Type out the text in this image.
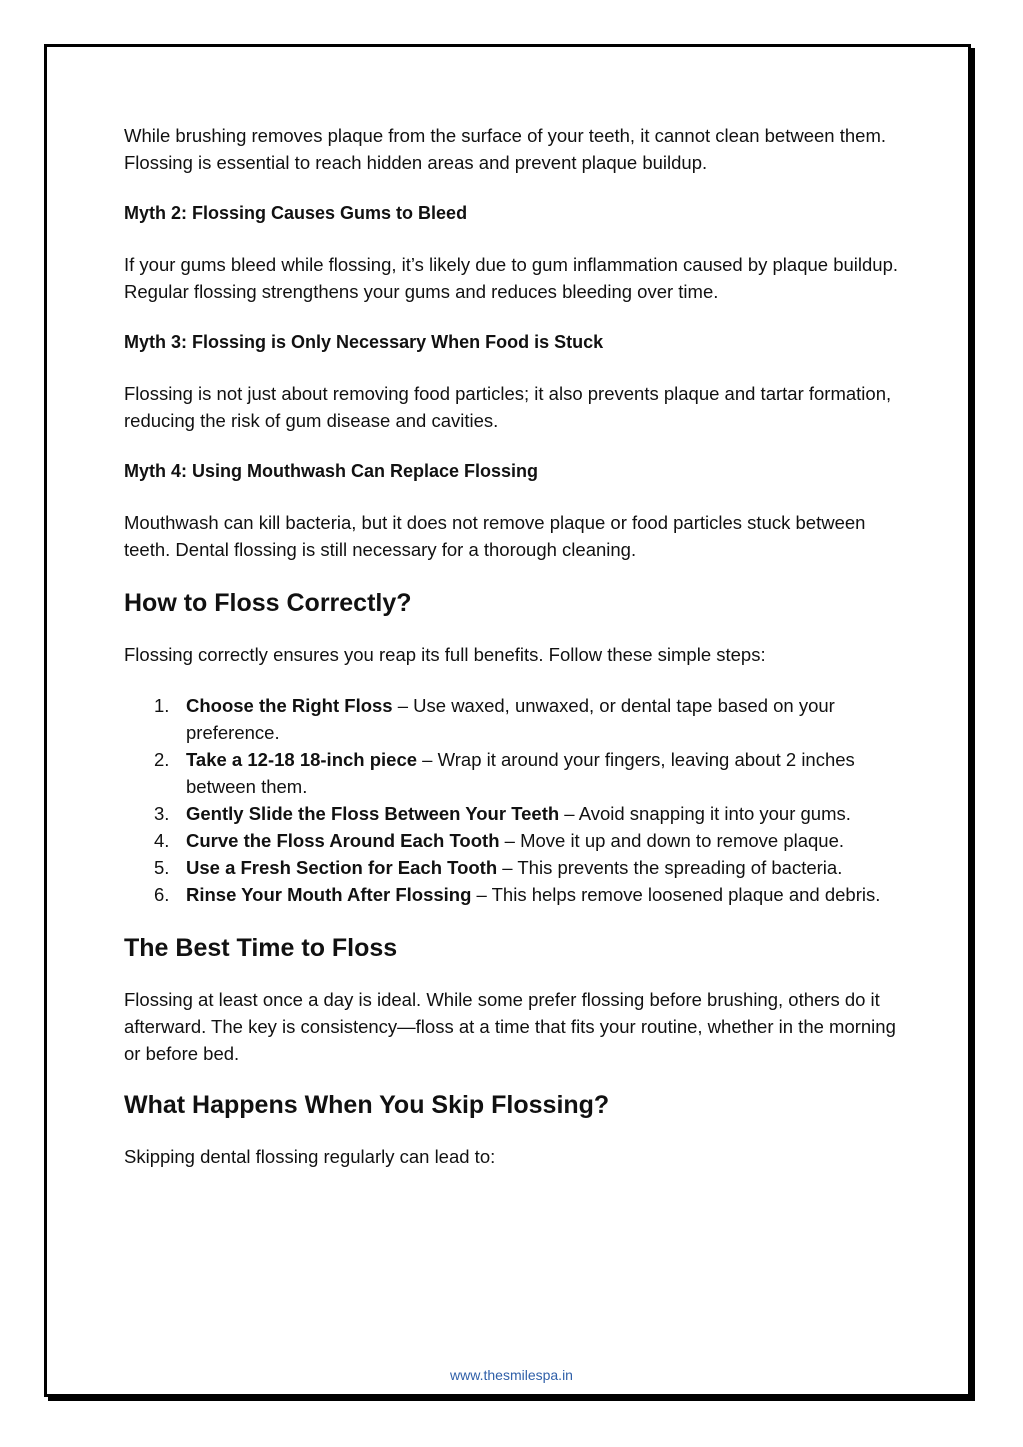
While brushing removes plaque from the surface of your teeth, it cannot clean between them. Flossing is essential to reach hidden areas and prevent plaque buildup.

Myth 2: Flossing Causes Gums to Bleed

If your gums bleed while flossing, it’s likely due to gum inflammation caused by plaque buildup. Regular flossing strengthens your gums and reduces bleeding over time.

Myth 3: Flossing is Only Necessary When Food is Stuck

Flossing is not just about removing food particles; it also prevents plaque and tartar formation, reducing the risk of gum disease and cavities.

Myth 4: Using Mouthwash Can Replace Flossing

Mouthwash can kill bacteria, but it does not remove plaque or food particles stuck between teeth. Dental flossing is still necessary for a thorough cleaning.

How to Floss Correctly?

Flossing correctly ensures you reap its full benefits. Follow these simple steps:

1. Choose the Right Floss – Use waxed, unwaxed, or dental tape based on your preference.
2. Take a 12-18 18-inch piece – Wrap it around your fingers, leaving about 2 inches between them.
3. Gently Slide the Floss Between Your Teeth – Avoid snapping it into your gums.
4. Curve the Floss Around Each Tooth – Move it up and down to remove plaque.
5. Use a Fresh Section for Each Tooth – This prevents the spreading of bacteria.
6. Rinse Your Mouth After Flossing – This helps remove loosened plaque and debris.
The Best Time to Floss

Flossing at least once a day is ideal. While some prefer flossing before brushing, others do it afterward. The key is consistency—floss at a time that fits your routine, whether in the morning or before bed.

What Happens When You Skip Flossing?

Skipping dental flossing regularly can lead to:

www.thesmilespa.in
